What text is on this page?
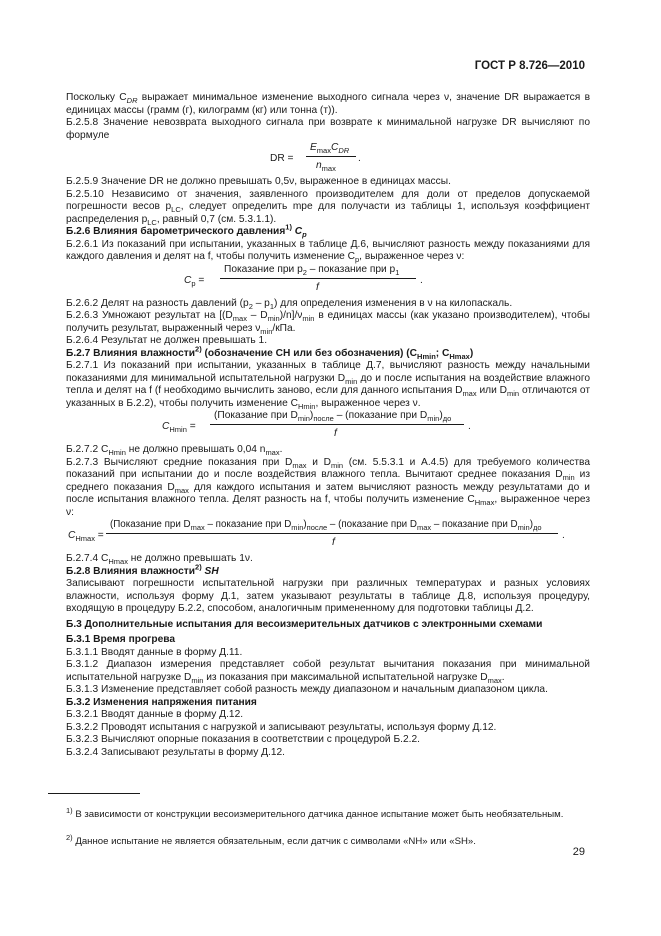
ГОСТ Р 8.726—2010

Поскольку $C_{DR}$ выражает минимальное изменение выходного сигнала через ν, значение DR выражается в единицах массы (грамм (г), килограмм (кг) или тонна (т)).

Б.2.5.8 Значение невозврата выходного сигнала при возврате к минимальной нагрузке DR вычисляют по формуле

DR =
$E_{max}C_{DR}$
$n_{max}$
.

Б.2.5.9 Значение DR не должно превышать 0,5ν, выраженное в единицах массы.

Б.2.5.10 Независимо от значения, заявленного производителем для доли от пределов допускаемой погрешности весов $p_{LC}$, следует определить mpe для получасти из таблицы 1, используя коэффициент распределения $p_{LC}$, равный 0,7 (см. 5.3.1.1).

Б.2.6 Влияния барометрического давления$^{1)}$ $C_p$

Б.2.6.1 Из показаний при испытании, указанных в таблице Д.6, вычисляют разность между показаниями для каждого давления и делят на f, чтобы получить изменение $C_p$, выраженное через ν:

$C_p$ =
Показание при $p_2$ – показание при $p_1$
f
.

Б.2.6.2 Делят на разность давлений $(p_2 - p_1)$ для определения изменения в ν на килопаскаль.

Б.2.6.3 Умножают результат на $[(D_{max} - D_{min})/n]/\nu_{min}$ в единицах массы (как указано производителем), чтобы получить результат, выраженный через $\nu_{min}$/кПа.

Б.2.6.4 Результат не должен превышать 1.

Б.2.7 Влияния влажности$^{2)}$ (обозначение CH или без обозначения) ($C_{Hmin}$; $C_{Hmax}$)

Б.2.7.1 Из показаний при испытании, указанных в таблице Д.7, вычисляют разность между начальными показаниями для минимальной испытательной нагрузки $D_{min}$ до и после испытания на воздействие влажного тепла и делят на f (f необходимо вычислить заново, если для данного испытания $D_{max}$ или $D_{min}$ отличаются от указанных в Б.2.2), чтобы получить изменение $C_{Hmin}$, выраженное через ν.

$C_{Hmin}$ =
(Показание при $D_{min})_{после}$ – (показание при $D_{min})_{до}$
f
.

Б.2.7.2 $C_{Hmin}$ не должно превышать 0,04 $n_{max}$.

Б.2.7.3 Вычисляют средние показания при $D_{max}$ и $D_{min}$ (см. 5.5.3.1 и А.4.5) для требуемого количества показаний при испытании до и после воздействия влажного тепла. Вычитают среднее показания $D_{min}$ из среднего показания $D_{max}$ для каждого испытания и затем вычисляют разность между результатами до и после испытания влажного тепла. Делят разность на f, чтобы получить изменение $C_{Hmax}$, выраженное через ν:

$C_{Hmax}$ =
(Показание при $D_{max}$ – показание при $D_{min})_{после}$ – (показание при $D_{max}$ – показание при $D_{min})_{до}$
f
.

Б.2.7.4 $C_{Hmax}$ не должно превышать 1ν.

Б.2.8 Влияния влажности$^{2)}$ SH

Записывают погрешности испытательной нагрузки при различных температурах и разных условиях влажности, используя форму Д.1, затем указывают результаты в таблице Д.8, используя процедуру, входящую в процедуру Б.2.2, способом, аналогичным примененному для подготовки таблицы Д.2.

Б.3 Дополнительные испытания для весоизмерительных датчиков с электронными схемами

Б.3.1 Время прогрева

Б.3.1.1 Вводят данные в форму Д.11.

Б.3.1.2 Диапазон измерения представляет собой результат вычитания показания при минимальной испытательной нагрузке $D_{min}$ из показания при максимальной испытательной нагрузке $D_{max}$.

Б.3.1.3 Изменение представляет собой разность между диапазоном и начальным диапазоном цикла.

Б.3.2 Изменения напряжения питания

Б.3.2.1 Вводят данные в форму Д.12.

Б.3.2.2 Проводят испытания с нагрузкой и записывают результаты, используя форму Д.12.

Б.3.2.3 Вычисляют опорные показания в соответствии с процедурой Б.2.2.

Б.3.2.4 Записывают результаты в форму Д.12.

$^{1)}$ В зависимости от конструкции весоизмерительного датчика данное испытание может быть необязательным.

$^{2)}$ Данное испытание не является обязательным, если датчик с символами «NH» или «SH».

29
